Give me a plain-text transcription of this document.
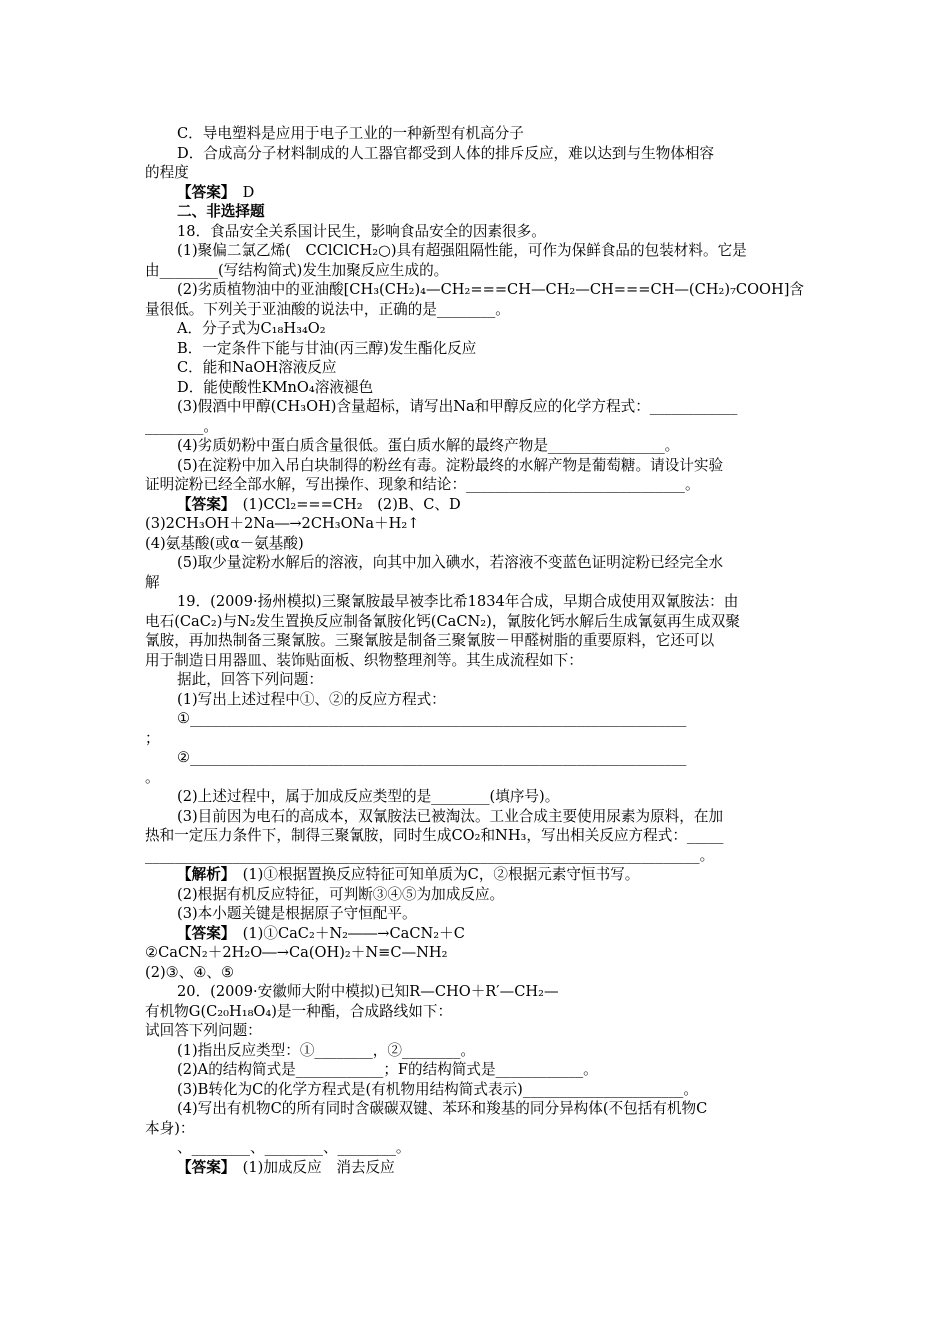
C．导电塑料是应用于电子工业的一种新型有机高分子

D．合成高分子材料制成的人工器官都受到人体的排斥反应，难以达到与生物体相容

的程度

【答案】　D

二、非选择题

18．食品安全关系国计民生，影响食品安全的因素很多。

(1)聚偏二氯乙烯(　CClClCH₂○)具有超强阻隔性能，可作为保鲜食品的包装材料。它是

由________(写结构简式)发生加聚反应生成的。

(2)劣质植物油中的亚油酸[CH₃(CH₂)₄—CH₂===CH—CH₂—CH===CH—(CH₂)₇COOH]含

量很低。下列关于亚油酸的说法中，正确的是________。

A．分子式为C₁₈H₃₄O₂

B．一定条件下能与甘油(丙三醇)发生酯化反应

C．能和NaOH溶液反应

D．能使酸性KMnO₄溶液褪色

(3)假酒中甲醇(CH₃OH)含量超标，请写出Na和甲醇反应的化学方程式：____________

________。

(4)劣质奶粉中蛋白质含量很低。蛋白质水解的最终产物是________________。

(5)在淀粉中加入吊白块制得的粉丝有毒。淀粉最终的水解产物是葡萄糖。请设计实验

证明淀粉已经全部水解，写出操作、现象和结论：______________________________。

【答案】　(1)CCl₂===CH₂　(2)B、C、D

(3)2CH₃OH＋2Na―→2CH₃ONa＋H₂↑

(4)氨基酸(或α－氨基酸)

(5)取少量淀粉水解后的溶液，向其中加入碘水，若溶液不变蓝色证明淀粉已经完全水

解

19．(2009·扬州模拟)三聚氰胺最早被李比希1834年合成，早期合成使用双氰胺法：由

电石(CaC₂)与N₂发生置换反应制备氰胺化钙(CaCN₂)，氰胺化钙水解后生成氰氨再生成双聚

氰胺，再加热制备三聚氰胺。三聚氰胺是制备三聚氰胺－甲醛树脂的重要原料，它还可以

用于制造日用器皿、装饰贴面板、织物整理剂等。其生成流程如下：

据此，回答下列问题：

(1)写出上述过程中①、②的反应方程式：

①____________________________________________________________________

；

②____________________________________________________________________

。

(2)上述过程中，属于加成反应类型的是________(填序号)。

(3)目前因为电石的高成本，双氰胺法已被淘汰。工业合成主要使用尿素为原料，在加

热和一定压力条件下，制得三聚氰胺，同时生成CO₂和NH₃，写出相关反应方程式：_____

____________________________________________________________________________。

【解析】　(1)①根据置换反应特征可知单质为C，②根据元素守恒书写。

(2)根据有机反应特征，可判断③④⑤为加成反应。

(3)本小题关键是根据原子守恒配平。

【答案】　(1)①CaC₂＋N₂――→CaCN₂＋C

②CaCN₂＋2H₂O―→Ca(OH)₂＋N≡C—NH₂

(2)③、④、⑤

20．(2009·安徽师大附中模拟)已知R—CHO＋R′—CH₂—

有机物G(C₂₀H₁₈O₄)是一种酯，合成路线如下：

试回答下列问题：

(1)指出反应类型：①________，②________。

(2)A的结构简式是____________；F的结构简式是____________。

(3)B转化为C的化学方程式是(有机物用结构简式表示)______________________。

(4)写出有机物C的所有同时含碳碳双键、苯环和羧基的同分异构体(不包括有机物C

本身)：

、________、________、________。

【答案】　(1)加成反应　消去反应
